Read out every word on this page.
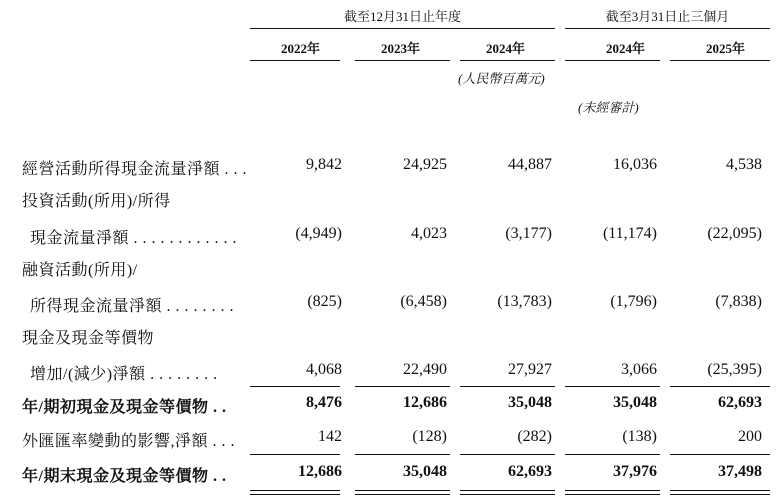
截至12月31日止年度	截至3月31日止三個月
2022年	2023年	2024年	2024年	2025年
(人民幣百萬元)
(未經審計)
經營活動所得現金流量淨額 . . .	9,842	24,925	44,887	16,036	4,538
投資活動(所用)/所得
現金流量淨額 . . . . . . . . . . . .	(4,949)	4,023	(3,177)	(11,174)	(22,095)
融資活動(所用)/
所得現金流量淨額 . . . . . . . .	(825)	(6,458)	(13,783)	(1,796)	(7,838)
現金及現金等價物
增加/(減少)淨額 . . . . . . . .	4,068	22,490	27,927	3,066	(25,395)
年/期初現金及現金等價物 . .	8,476	12,686	35,048	35,048	62,693
外匯匯率變動的影響,淨額 . . .	142	(128)	(282)	(138)	200
年/期末現金及現金等價物 . .	12,686	35,048	62,693	37,976	37,498
